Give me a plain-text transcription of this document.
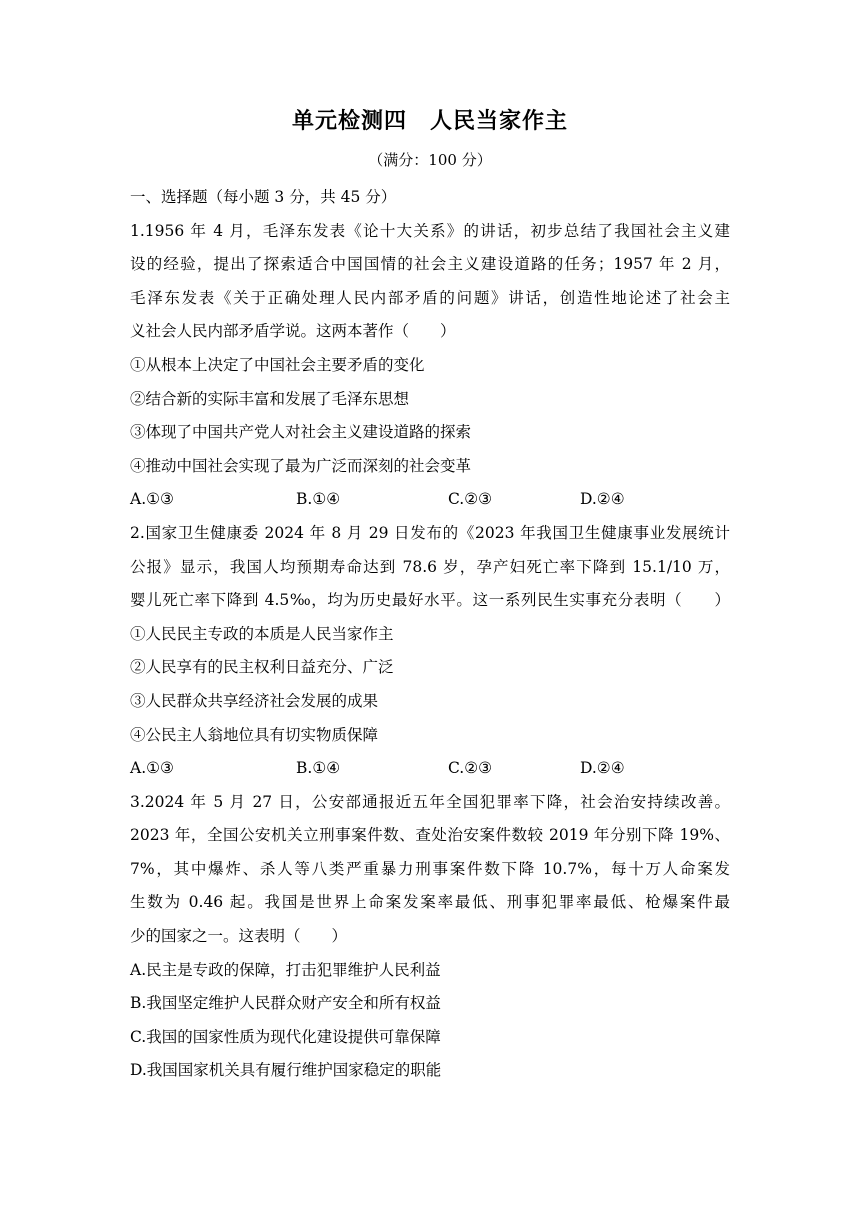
单元检测四　人民当家作主
（满分：100 分）
一、选择题（每小题 3 分，共 45 分）
1.1956 年 4 月，毛泽东发表《论十大关系》的讲话，初步总结了我国社会主义建
设的经验，提出了探索适合中国国情的社会主义建设道路的任务；1957 年 2 月，
毛泽东发表《关于正确处理人民内部矛盾的问题》讲话，创造性地论述了社会主
义社会人民内部矛盾学说。这两本著作（　　）
①从根本上决定了中国社会主要矛盾的变化
②结合新的实际丰富和发展了毛泽东思想
③体现了中国共产党人对社会主义建设道路的探索
④推动中国社会实现了最为广泛而深刻的社会变革
A.①③	B.①④	C.②③	D.②④
2.国家卫生健康委 2024 年 8 月 29 日发布的《2023 年我国卫生健康事业发展统计
公报》显示，我国人均预期寿命达到 78.6 岁，孕产妇死亡率下降到 15.1/10 万，
婴儿死亡率下降到 4.5‰，均为历史最好水平。这一系列民生实事充分表明（　　）
①人民民主专政的本质是人民当家作主
②人民享有的民主权利日益充分、广泛
③人民群众共享经济社会发展的成果
④公民主人翁地位具有切实物质保障
A.①③	B.①④	C.②③	D.②④
3.2024 年 5 月 27 日，公安部通报近五年全国犯罪率下降，社会治安持续改善。
2023 年，全国公安机关立刑事案件数、查处治安案件数较 2019 年分别下降 19%、
7%，其中爆炸、杀人等八类严重暴力刑事案件数下降 10.7%，每十万人命案发
生数为 0.46 起。我国是世界上命案发案率最低、刑事犯罪率最低、枪爆案件最
少的国家之一。这表明（　　）
A.民主是专政的保障，打击犯罪维护人民利益
B.我国坚定维护人民群众财产安全和所有权益
C.我国的国家性质为现代化建设提供可靠保障
D.我国国家机关具有履行维护国家稳定的职能
